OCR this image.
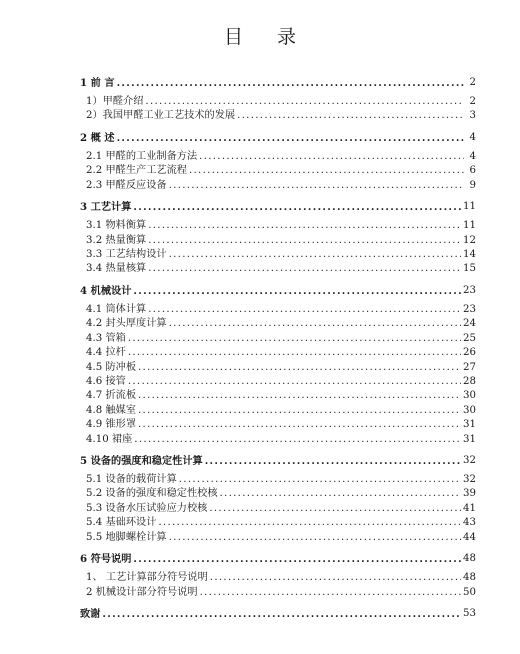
目 录
1 前 言 .....	2
1）甲醛介绍 .....	2
2）我国甲醛工业工艺技术的发展 .....	3
2 概 述 .....	4
2.1 甲醛的工业制备方法 .....	4
2.2 甲醛生产工艺流程 .....	6
2.3 甲醛反应设备 .....	9
3 工艺计算 .....	11
3.1 物料衡算 .....	11
3.2 热量衡算 .....	12
3.3 工艺结构设计 .....	14
3.4 热量核算 .....	15
4 机械设计 .....	23
4.1 筒体计算 .....	23
4.2 封头厚度计算 .....	24
4.3 管箱 .....	25
4.4 拉杆 .....	26
4.5 防冲板 .....	27
4.6 接管 .....	28
4.7 折流板 .....	30
4.8 触媒室 .....	30
4.9 锥形罩 .....	31
4.10 裙座 .....	31
5 设备的强度和稳定性计算 .....	32
5.1 设备的载荷计算 .....	32
5.2 设备的强度和稳定性校核 .....	39
5.3 设备水压试验应力校核 .....	41
5.4 基础环设计 .....	43
5.5 地脚螺栓计算 .....	44
6 符号说明 .....	48
1、 工艺计算部分符号说明 .....	48
2 机械设计部分符号说明 .....	50
致谢 .....	53
